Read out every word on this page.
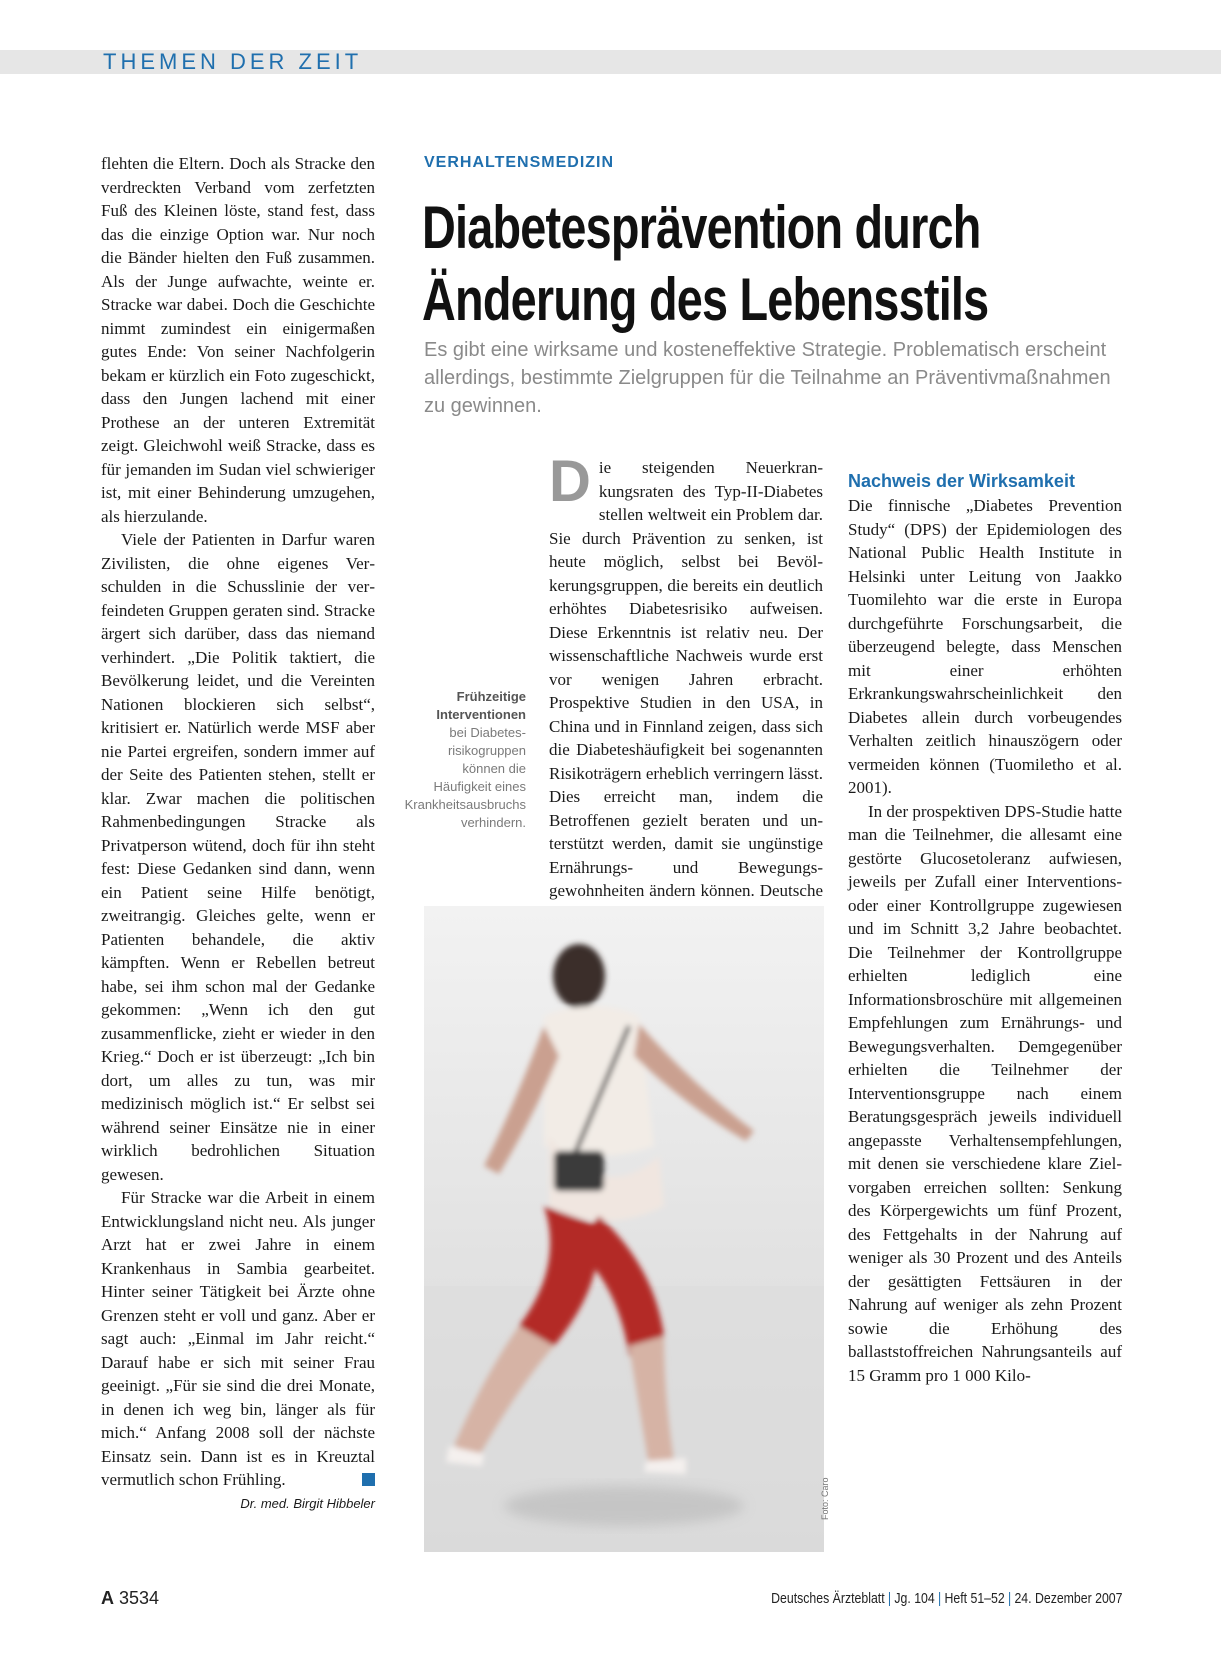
THEMEN DER ZEIT

flehten die Eltern. Doch als Stracke den verdreckten Verband vom zerfetzten Fuß des Kleinen löste, stand fest, dass das die einzige Option war. Nur noch die Bänder hielten den Fuß zusammen. Als der Junge aufwachte, weinte er. Stracke war dabei. Doch die Geschichte nimmt zumindest ein einigermaßen gutes Ende: Von seiner Nachfolgerin bekam er kürzlich ein Foto zugeschickt, dass den Jungen lachend mit einer Prothese an der unteren Extremität zeigt. Gleichwohl weiß Stracke, dass es für jemanden im Sudan viel schwieriger ist, mit einer Behinderung umzugehen, als hierzulande.

Viele der Patienten in Darfur waren Zivilisten, die ohne eigenes Verschulden in die Schusslinie der verfeindeten Gruppen geraten sind. Stracke ärgert sich darüber, dass das niemand verhindert. „Die Politik taktiert, die Bevölkerung leidet, und die Vereinten Nationen blockieren sich selbst“, kritisiert er. Natürlich werde MSF aber nie Partei ergreifen, sondern immer auf der Seite des Patienten stehen, stellt er klar. Zwar machen die politischen Rahmenbedingungen Stracke als Privatperson wütend, doch für ihn steht fest: Diese Gedanken sind dann, wenn ein Patient seine Hilfe benötigt, zweitrangig. Gleiches gelte, wenn er Patienten behandele, die aktiv kämpften. Wenn er Rebellen betreut habe, sei ihm schon mal der Gedanke gekommen: „Wenn ich den gut zusammenflicke, zieht er wieder in den Krieg.“ Doch er ist überzeugt: „Ich bin dort, um alles zu tun, was mir medizinisch möglich ist.“ Er selbst sei während seiner Einsätze nie in einer wirklich bedrohlichen Situation gewesen.

Für Stracke war die Arbeit in einem Entwicklungsland nicht neu. Als junger Arzt hat er zwei Jahre in einem Krankenhaus in Sambia gearbeitet. Hinter seiner Tätigkeit bei Ärzte ohne Grenzen steht er voll und ganz. Aber er sagt auch: „Einmal im Jahr reicht.“ Darauf habe er sich mit seiner Frau geeinigt. „Für sie sind die drei Monate, in denen ich weg bin, länger als für mich.“ Anfang 2008 soll der nächste Einsatz sein. Dann ist es in Kreuztal vermutlich schon Frühling.

Dr. med. Birgit Hibbeler
VERHALTENSMEDIZIN
Diabetesprävention durch
Änderung des Lebensstils

Es gibt eine wirksame und kosteneffektive Strategie. Problematisch erscheint allerdings, bestimmte Zielgruppen für die Teilnahme an Präventivmaßnahmen zu gewinnen.

Frühzeitige Interventionen
bei Diabetesrisikogruppen können die Häufigkeit eines Krankheitsausbruchs verhindern.

Die steigenden Neuerkrankungsraten des Typ-II-Diabetes stellen weltweit ein Problem dar. Sie durch Prävention zu senken, ist heute möglich, selbst bei Bevölkerungsgruppen, die bereits ein deutlich erhöhtes Diabetesrisiko aufweisen. Diese Erkenntnis ist relativ neu. Der wissenschaftliche Nachweis wurde erst vor wenigen Jahren erbracht. Prospektive Studien in den USA, in China und in Finnland zeigen, dass sich die Diabeteshäufigkeit bei sogenannten Risikoträgern erheblich verringern lässt. Dies erreicht man, indem die Betroffenen gezielt beraten und unterstützt werden, damit sie ungünstige Ernährungs- und Bewegungsgewohnheiten ändern können. Deutsche

Nachweis der Wirksamkeit

Die finnische „Diabetes Prevention Study“ (DPS) der Epidemiologen des National Public Health Institute in Helsinki unter Leitung von Jaakko Tuomilehto war die erste in Europa durchgeführte Forschungsarbeit, die überzeugend belegte, dass Menschen mit einer erhöhten Erkrankungswahrscheinlichkeit den Diabetes allein durch vorbeugendes Verhalten zeitlich hinauszögern oder vermeiden können (Tuomiletho et al. 2001).

In der prospektiven DPS-Studie hatte man die Teilnehmer, die allesamt eine gestörte Glucosetoleranz aufwiesen, jeweils per Zufall einer Interventions- oder einer Kontrollgruppe zugewiesen und im Schnitt 3,2 Jahre beobachtet. Die Teilnehmer der Kontrollgruppe erhielten lediglich eine Informationsbroschüre mit allgemeinen Empfehlungen zum Ernährungs- und Bewegungsverhalten. Demgegenüber erhielten die Teilnehmer der Interventionsgruppe nach einem Beratungsgespräch jeweils individuell angepasste Verhaltensempfehlungen, mit denen sie verschiedene klare Zielvorgaben erreichen sollten: Senkung des Körpergewichts um fünf Prozent, des Fettgehalts in der Nahrung auf weniger als 30 Prozent und des Anteils der gesättigten Fettsäuren in der Nahrung auf weniger als zehn Prozent sowie die Erhöhung des ballaststoffreichen Nahrungsanteils auf 15 Gramm pro 1 000 Kilo-

Foto: Caro
A 3534	Deutsches Ärzteblatt | Jg. 104 | Heft 51–52 | 24. Dezember 2007
